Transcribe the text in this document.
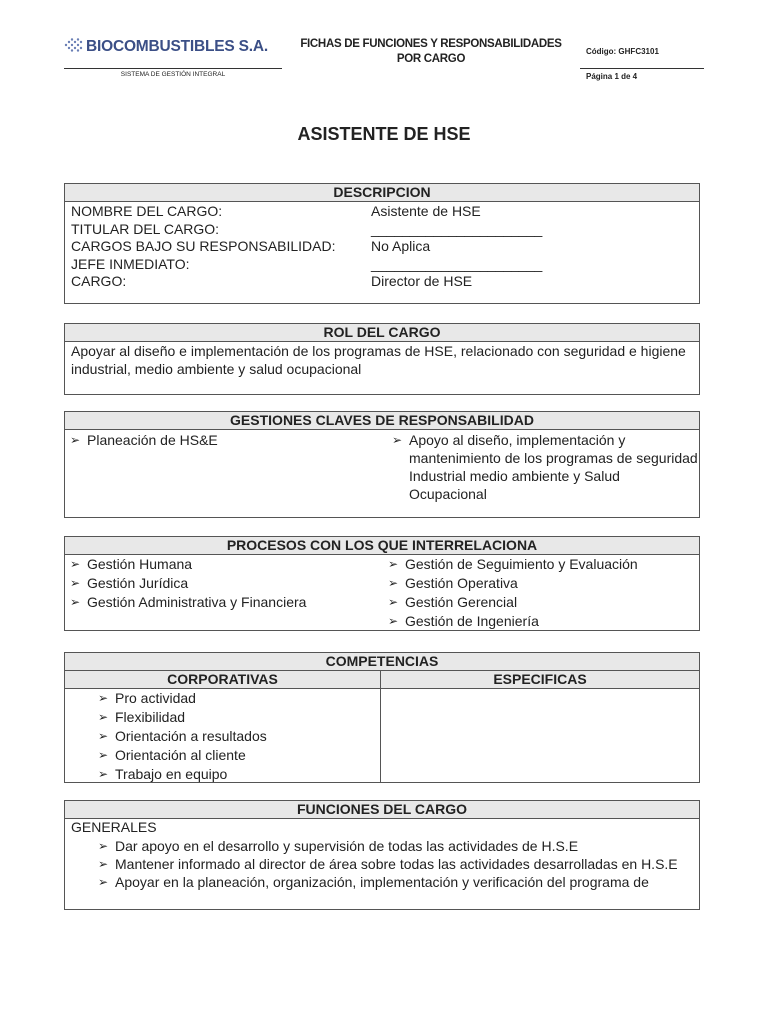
BIOCOMBUSTIBLES S.A.
SISTEMA DE GESTIÓN INTEGRAL
FICHAS DE FUNCIONES Y RESPONSABILIDADES
POR CARGO
Código: GHFC3101
Página 1 de 4
ASISTENTE DE HSE
DESCRIPCION
NOMBRE DEL CARGO:
TITULAR DEL CARGO:
CARGOS BAJO SU RESPONSABILIDAD:
JEFE INMEDIATO:
CARGO:
Asistente de HSE
______________________
No Aplica
______________________
Director de HSE
ROL DEL CARGO
Apoyar al diseño e implementación de los programas de HSE, relacionado con seguridad e higiene industrial, medio ambiente y salud ocupacional
GESTIONES CLAVES DE RESPONSABILIDAD
➢ Planeación de HS&E	➢ Apoyo al diseño, implementación y mantenimiento de los programas de seguridad Industrial medio ambiente y Salud Ocupacional
PROCESOS CON LOS QUE INTERRELACIONA
➢ Gestión Humana
➢ Gestión Jurídica
➢ Gestión Administrativa y Financiera
➢ Gestión de Seguimiento y Evaluación
➢ Gestión Operativa
➢ Gestión Gerencial
➢ Gestión de Ingeniería
COMPETENCIAS
CORPORATIVAS
➢ Pro actividad
➢ Flexibilidad
➢ Orientación a resultados
➢ Orientación al cliente
➢ Trabajo en equipo
ESPECIFICAS
FUNCIONES DEL CARGO
GENERALES
➢ Dar apoyo en el desarrollo y supervisión de todas las actividades de H.S.E
➢ Mantener informado al director de área sobre todas las actividades desarrolladas en H.S.E
➢ Apoyar en la planeación, organización, implementación y verificación del programa de
